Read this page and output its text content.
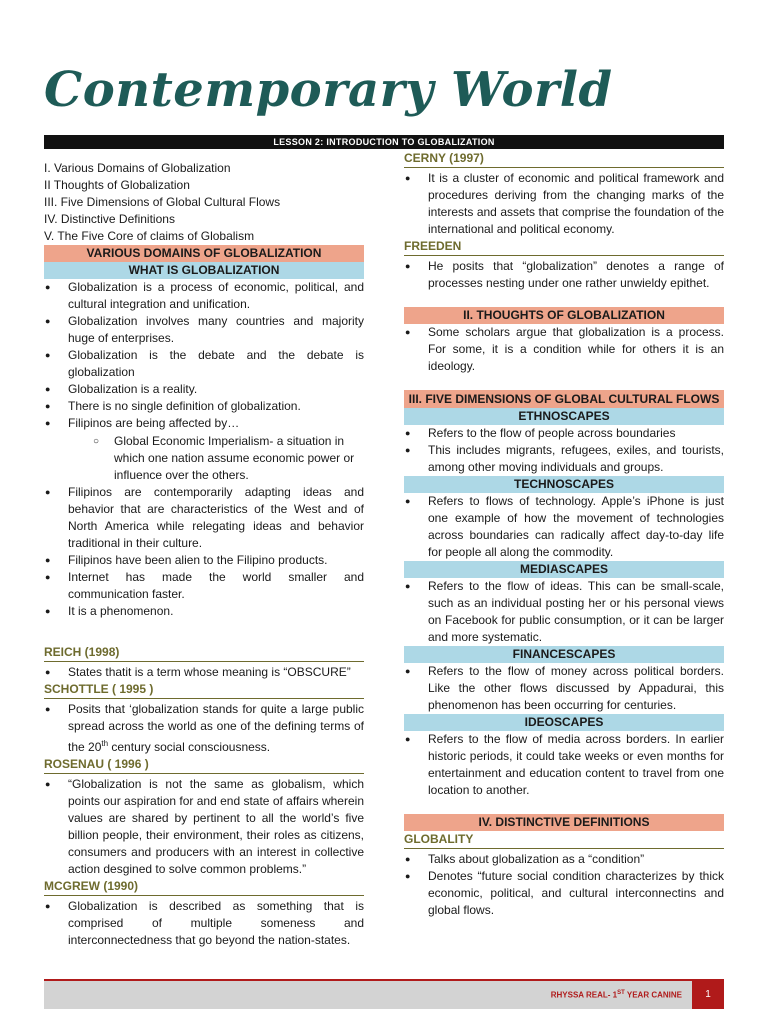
Contemporary World
LESSON 2: INTRODUCTION TO GLOBALIZATION
I. Various Domains of Globalization
II Thoughts of Globalization
III. Five Dimensions of Global Cultural Flows
IV. Distinctive Definitions
V. The Five Core of claims of Globalism
VARIOUS DOMAINS OF GLOBALIZATION
WHAT IS GLOBALIZATION
● Globalization is a process of economic, political, and cultural integration and unification.
● Globalization involves many countries and majority huge of enterprises.
● Globalization is the debate and the debate is globalization
● Globalization is a reality.
● There is no single definition of globalization.
● Filipinos are being affected by…
○ Global Economic Imperialism- a situation in which one nation assume economic power or influence over the others.
● Filipinos are contemporarily adapting ideas and behavior that are characteristics of the West and of North America while relegating ideas and behavior traditional in their culture.
● Filipinos have been alien to the Filipino products.
● Internet has made the world smaller and communication faster.
● It is a phenomenon.
REICH (1998)
● States thatit is a term whose meaning is “OBSCURE”
SCHOTTLE ( 1995 )
● Posits that ‘globalization stands for quite a large public spread across the world as one of the defining terms of the 20th century social consciousness.
ROSENAU ( 1996 )
● “Globalization is not the same as globalism, which points our aspiration for and end state of affairs wherein values are shared by pertinent to all the world’s five billion people, their environment, their roles as citizens, consumers and producers with an interest in collective action desgined to solve common problems.”
MCGREW (1990)
● Globalization is described as something that is comprised of multiple someness and interconnectedness that go beyond the nation-states.
CERNY (1997)
● It is a cluster of economic and political framework and procedures deriving from the changing marks of the interests and assets that comprise the foundation of the international and political economy.
FREEDEN
● He posits that “globalization” denotes a range of processes nesting under one rather unwieldy epithet.
II. THOUGHTS OF GLOBALIZATION
● Some scholars argue that globalization is a process. For some, it is a condition while for others it is an ideology.
III. FIVE DIMENSIONS OF GLOBAL CULTURAL FLOWS
ETHNOSCAPES
● Refers to the flow of people across boundaries
● This includes migrants, refugees, exiles, and tourists, among other moving individuals and groups.
TECHNOSCAPES
● Refers to flows of technology. Apple’s iPhone is just one example of how the movement of technologies across boundaries can radically affect day-to-day life for people all along the commodity.
MEDIASCAPES
● Refers to the flow of ideas. This can be small-scale, such as an individual posting her or his personal views on Facebook for public consumption, or it can be larger and more systematic.
FINANCESCAPES
● Refers to the flow of money across political borders. Like the other flows discussed by Appadurai, this phenomenon has been occurring for centuries.
IDEOSCAPES
● Refers to the flow of media across borders. In earlier historic periods, it could take weeks or even months for entertainment and education content to travel from one location to another.
IV. DISTINCTIVE DEFINITIONS
GLOBALITY
● Talks about globalization as a “condition”
● Denotes “future social condition characterizes by thick economic, political, and cultural interconnectins and global flows.
RHYSSA REAL- 1ST YEAR CANINE	1
